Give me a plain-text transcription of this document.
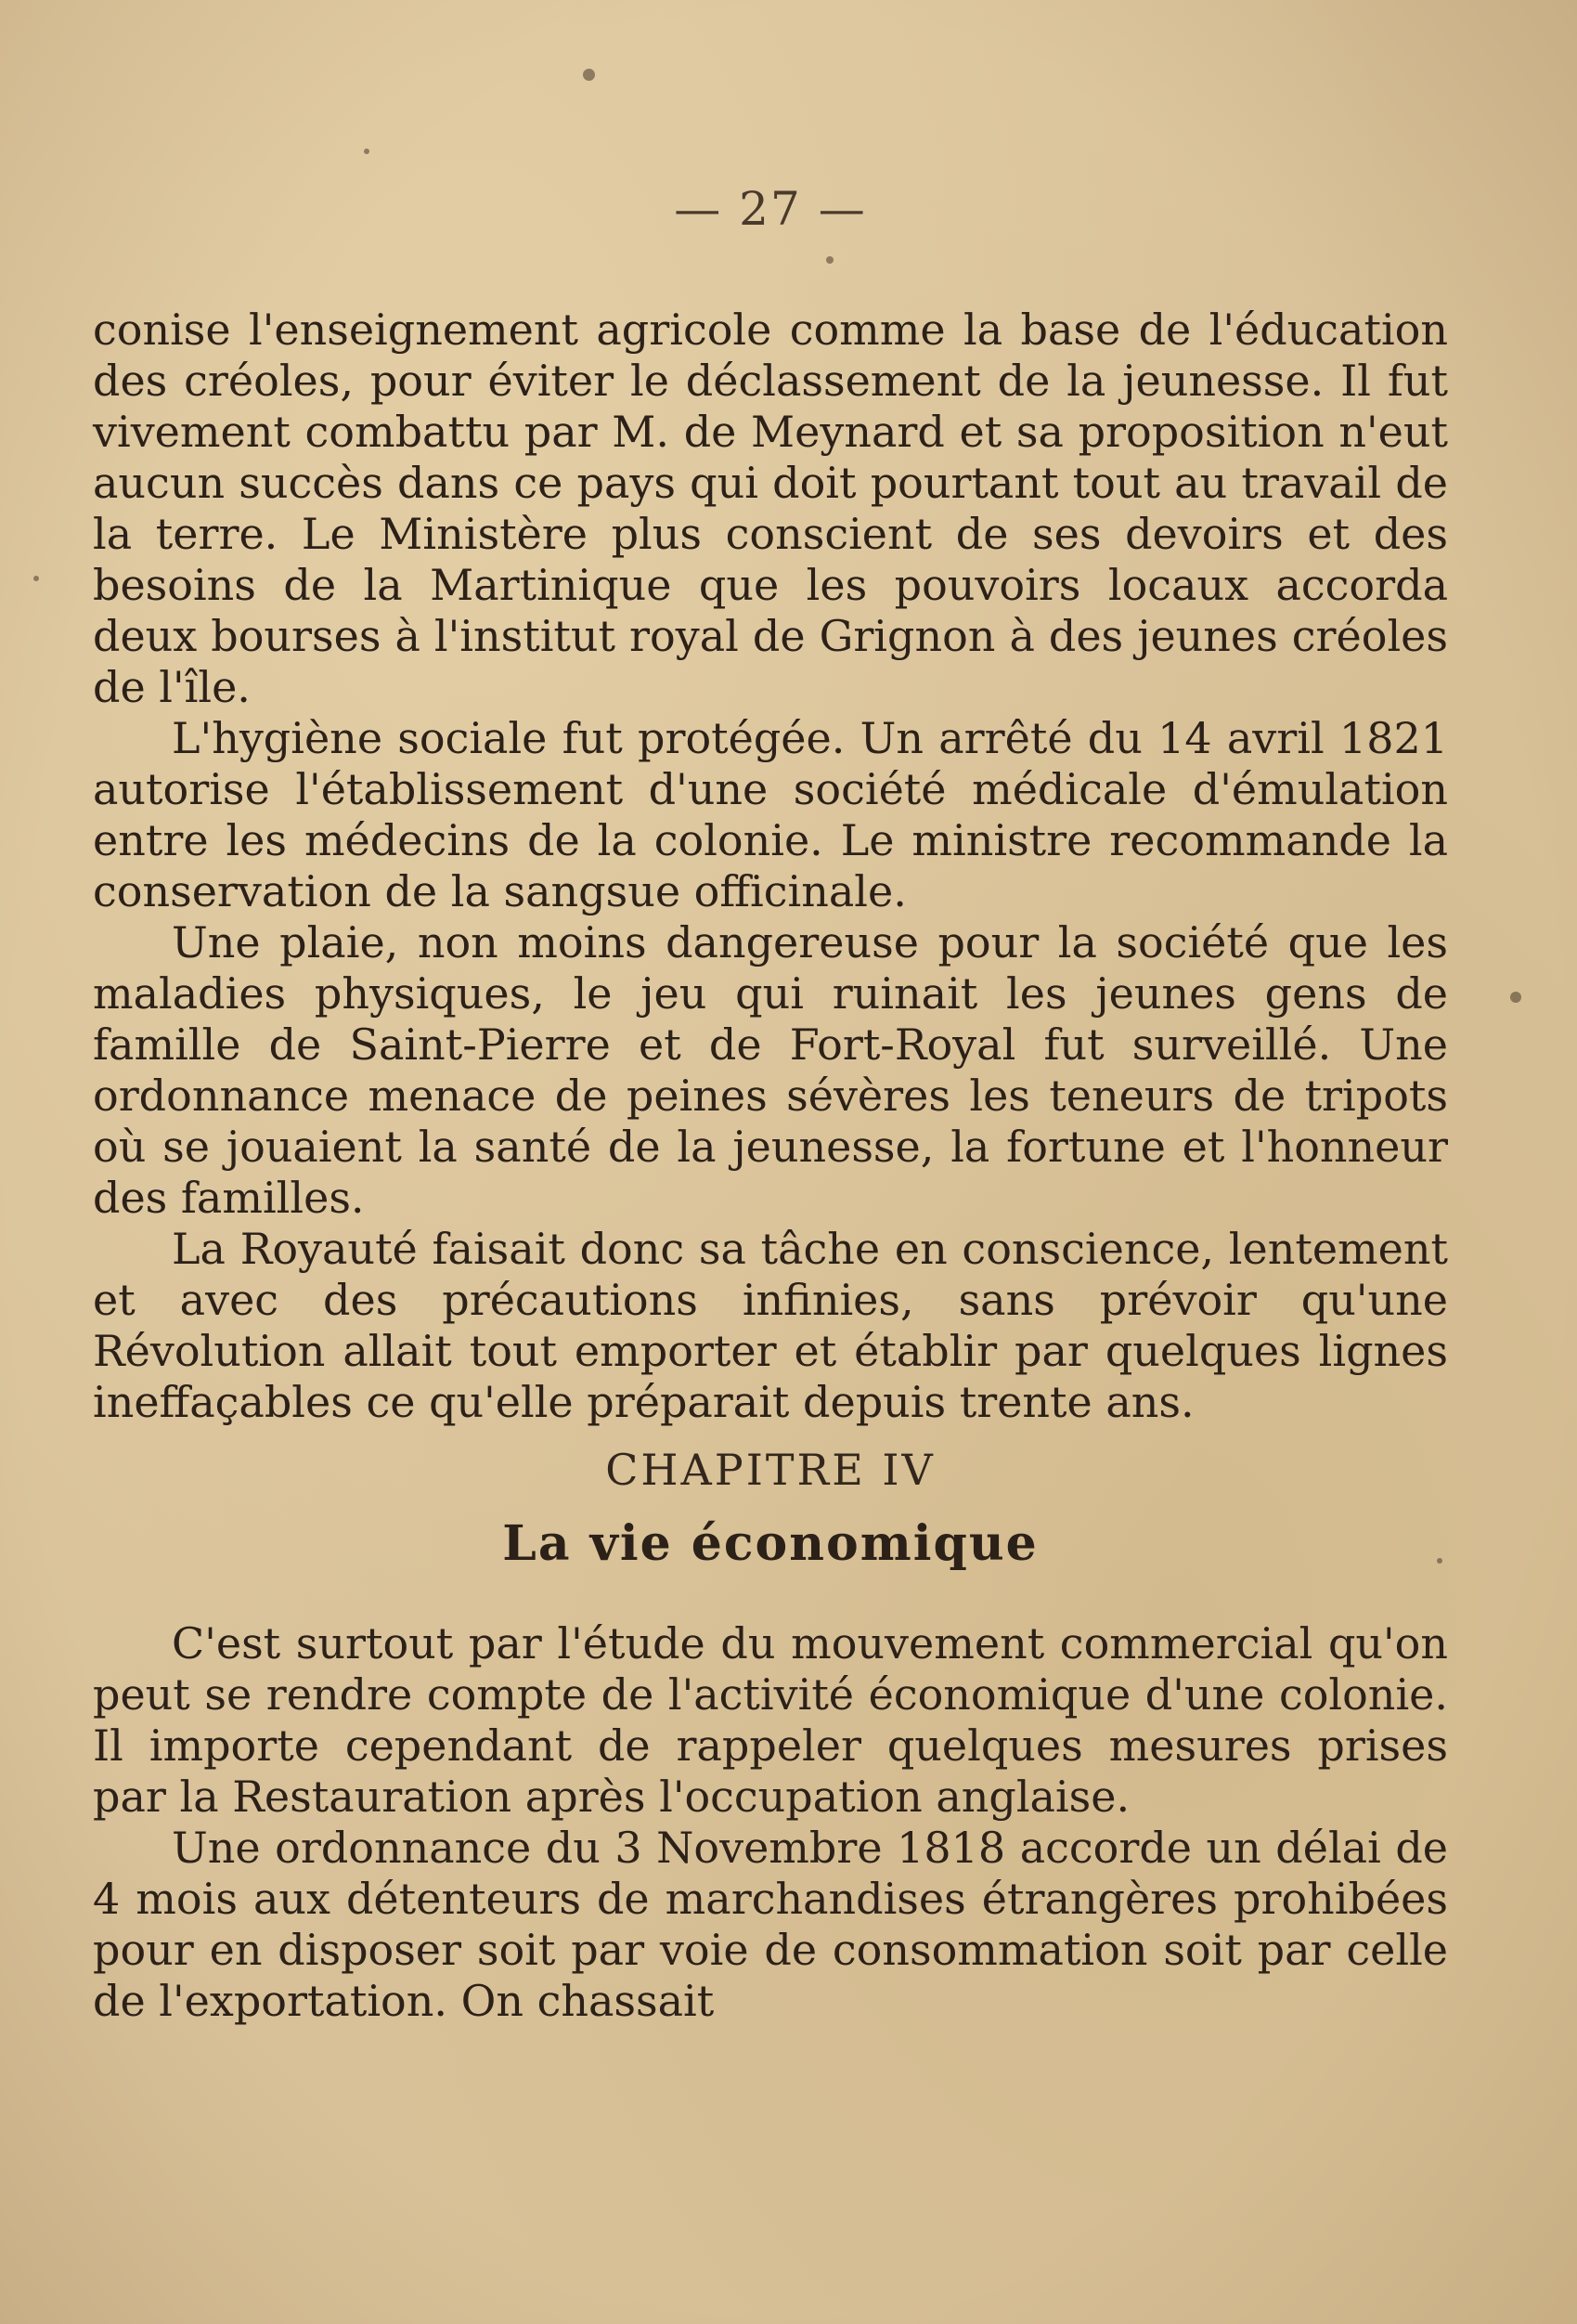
— 27 —

conise l'enseignement agricole comme la base de l'éducation des créoles, pour éviter le déclassement de la jeunesse. Il fut vivement combattu par M. de Meynard et sa proposition n'eut aucun succès dans ce pays qui doit pourtant tout au travail de la terre. Le Ministère plus conscient de ses devoirs et des besoins de la Martinique que les pouvoirs locaux accorda deux bourses à l'institut royal de Grignon à des jeunes créoles de l'île.

L'hygiène sociale fut protégée. Un arrêté du 14 avril 1821 autorise l'établissement d'une société médicale d'émulation entre les médecins de la colonie. Le ministre recommande la conservation de la sangsue officinale.

Une plaie, non moins dangereuse pour la société que les maladies physiques, le jeu qui ruinait les jeunes gens de famille de Saint-Pierre et de Fort-Royal fut surveillé. Une ordonnance menace de peines sévères les teneurs de tripots où se jouaient la santé de la jeunesse, la fortune et l'honneur des familles.

La Royauté faisait donc sa tâche en conscience, lentement et avec des précautions infinies, sans prévoir qu'une Révolution allait tout emporter et établir par quelques lignes ineffaçables ce qu'elle préparait depuis trente ans.

CHAPITRE IV
La vie économique

C'est surtout par l'étude du mouvement commercial qu'on peut se rendre compte de l'activité économique d'une colonie. Il importe cependant de rappeler quelques mesures prises par la Restauration après l'occupation anglaise.

Une ordonnance du 3 Novembre 1818 accorde un délai de 4 mois aux détenteurs de marchandises étrangères prohibées pour en disposer soit par voie de consommation soit par celle de l'exportation. On chassait
